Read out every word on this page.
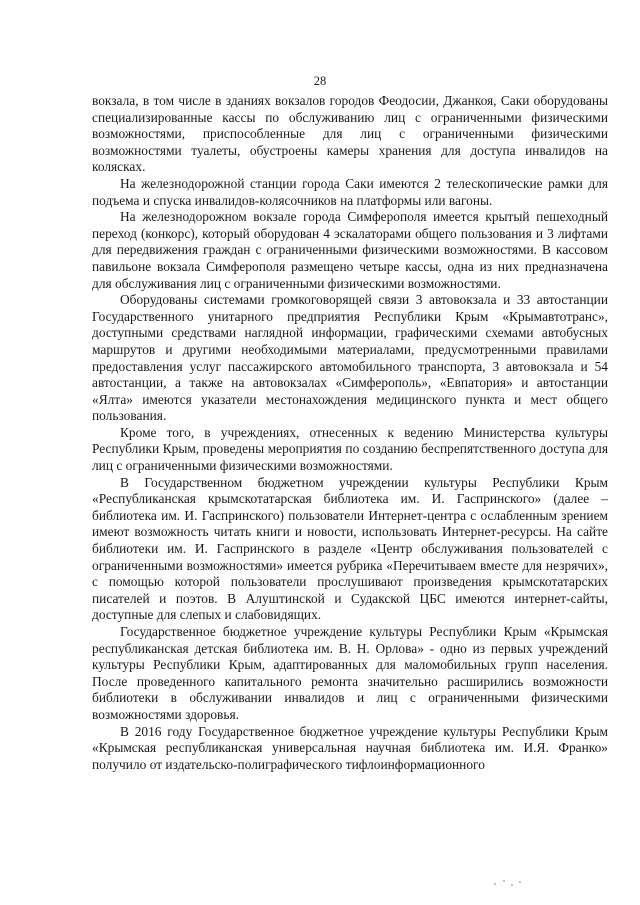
28

вокзала, в том числе в зданиях вокзалов городов Феодосии, Джанкоя, Саки оборудованы специализированные кассы по обслуживанию лиц с ограниченными физическими возможностями, приспособленные для лиц с ограниченными физическими возможностями туалеты, обустроены камеры хранения для доступа инвалидов на колясках.

На железнодорожной станции города Саки имеются 2 телескопические рамки для подъема и спуска инвалидов-колясочников на платформы или вагоны.

На железнодорожном вокзале города Симферополя имеется крытый пешеходный переход (конкорс), который оборудован 4 эскалаторами общего пользования и 3 лифтами для передвижения граждан с ограниченными физическими возможностями. В кассовом павильоне вокзала Симферополя размещено четыре кассы, одна из них предназначена для обслуживания лиц с ограниченными физическими возможностями.

Оборудованы системами громкоговорящей связи 3 автовокзала и 33 автостанции Государственного унитарного предприятия Республики Крым «Крымавтотранс», доступными средствами наглядной информации, графическими схемами автобусных маршрутов и другими необходимыми материалами, предусмотренными правилами предоставления услуг пассажирского автомобильного транспорта, 3 автовокзала и 54 автостанции, а также на автовокзалах «Симферополь», «Евпатория» и автостанции «Ялта» имеются указатели местонахождения медицинского пункта и мест общего пользования.

Кроме того, в учреждениях, отнесенных к ведению Министерства культуры Республики Крым, проведены мероприятия по созданию беспрепятственного доступа для лиц с ограниченными физическими возможностями.

В Государственном бюджетном учреждении культуры Республики Крым «Республиканская крымскотатарская библиотека им. И. Гаспринского» (далее – библиотека им. И. Гаспринского) пользователи Интернет-центра с ослабленным зрением имеют возможность читать книги и новости, использовать Интернет-ресурсы. На сайте библиотеки им. И. Гаспринского в разделе «Центр обслуживания пользователей с ограниченными возможностями» имеется рубрика «Перечитываем вместе для незрячих», с помощью которой пользователи прослушивают произведения крымскотатарских писателей и поэтов. В Алуштинской и Судакской ЦБС имеются интернет-сайты, доступные для слепых и слабовидящих.

Государственное бюджетное учреждение культуры Республики Крым «Крымская республиканская детская библиотека им. В. Н. Орлова» - одно из первых учреждений культуры Республики Крым, адаптированных для маломобильных групп населения. После проведенного капитального ремонта значительно расширились возможности библиотеки в обслуживании инвалидов и лиц с ограниченными физическими возможностями здоровья.

В 2016 году Государственное бюджетное учреждение культуры Республики Крым «Крымская республиканская универсальная научная библиотека им. И.Я. Франко» получило от издательско-полиграфического тифлоинформационного
